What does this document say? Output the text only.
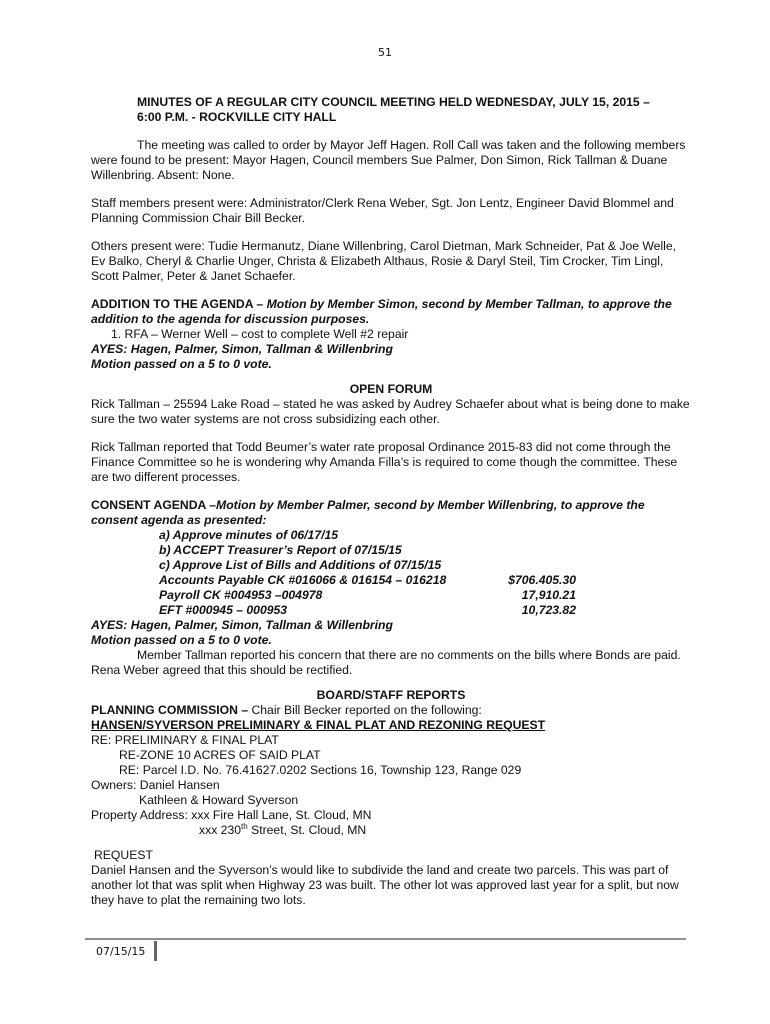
51

MINUTES OF A REGULAR CITY COUNCIL MEETING HELD WEDNESDAY, JULY 15, 2015 – 6:00 P.M. - ROCKVILLE CITY HALL

The meeting was called to order by Mayor Jeff Hagen. Roll Call was taken and the following members were found to be present: Mayor Hagen, Council members Sue Palmer, Don Simon, Rick Tallman & Duane Willenbring. Absent: None.

Staff members present were: Administrator/Clerk Rena Weber, Sgt. Jon Lentz, Engineer David Blommel and Planning Commission Chair Bill Becker.

Others present were: Tudie Hermanutz, Diane Willenbring, Carol Dietman, Mark Schneider, Pat & Joe Welle, Ev Balko, Cheryl & Charlie Unger, Christa & Elizabeth Althaus, Rosie & Daryl Steil, Tim Crocker, Tim Lingl, Scott Palmer, Peter & Janet Schaefer.

ADDITION TO THE AGENDA – Motion by Member Simon, second by Member Tallman, to approve the addition to the agenda for discussion purposes.

1. RFA – Werner Well – cost to complete Well #2 repair

AYES: Hagen, Palmer, Simon, Tallman & Willenbring

Motion passed on a 5 to 0 vote.

OPEN FORUM

Rick Tallman – 25594 Lake Road – stated he was asked by Audrey Schaefer about what is being done to make sure the two water systems are not cross subsidizing each other.

Rick Tallman reported that Todd Beumer’s water rate proposal Ordinance 2015-83 did not come through the Finance Committee so he is wondering why Amanda Filla’s is required to come though the committee. These are two different processes.

CONSENT AGENDA –Motion by Member Palmer, second by Member Willenbring, to approve the consent agenda as presented:

a) Approve minutes of 06/17/15

b) ACCEPT Treasurer’s Report of 07/15/15

c) Approve List of Bills and Additions of 07/15/15

Accounts Payable CK #016066 & 016154 – 016218	$706.405.30
Payroll CK #004953 –004978	17,910.21
EFT #000945 – 000953	10,723.82

AYES: Hagen, Palmer, Simon, Tallman & Willenbring

Motion passed on a 5 to 0 vote.

Member Tallman reported his concern that there are no comments on the bills where Bonds are paid. Rena Weber agreed that this should be rectified.

BOARD/STAFF REPORTS

PLANNING COMMISSION – Chair Bill Becker reported on the following:

HANSEN/SYVERSON PRELIMINARY & FINAL PLAT AND REZONING REQUEST

RE: PRELIMINARY & FINAL PLAT

RE-ZONE 10 ACRES OF SAID PLAT

RE: Parcel I.D. No. 76.41627.0202 Sections 16, Township 123, Range 029

Owners: Daniel Hansen

Kathleen & Howard Syverson

Property Address: xxx Fire Hall Lane, St. Cloud, MN

xxx 230th Street, St. Cloud, MN

REQUEST

Daniel Hansen and the Syverson’s would like to subdivide the land and create two parcels. This was part of another lot that was split when Highway 23 was built. The other lot was approved last year for a split, but now they have to plat the remaining two lots.

07/15/15
